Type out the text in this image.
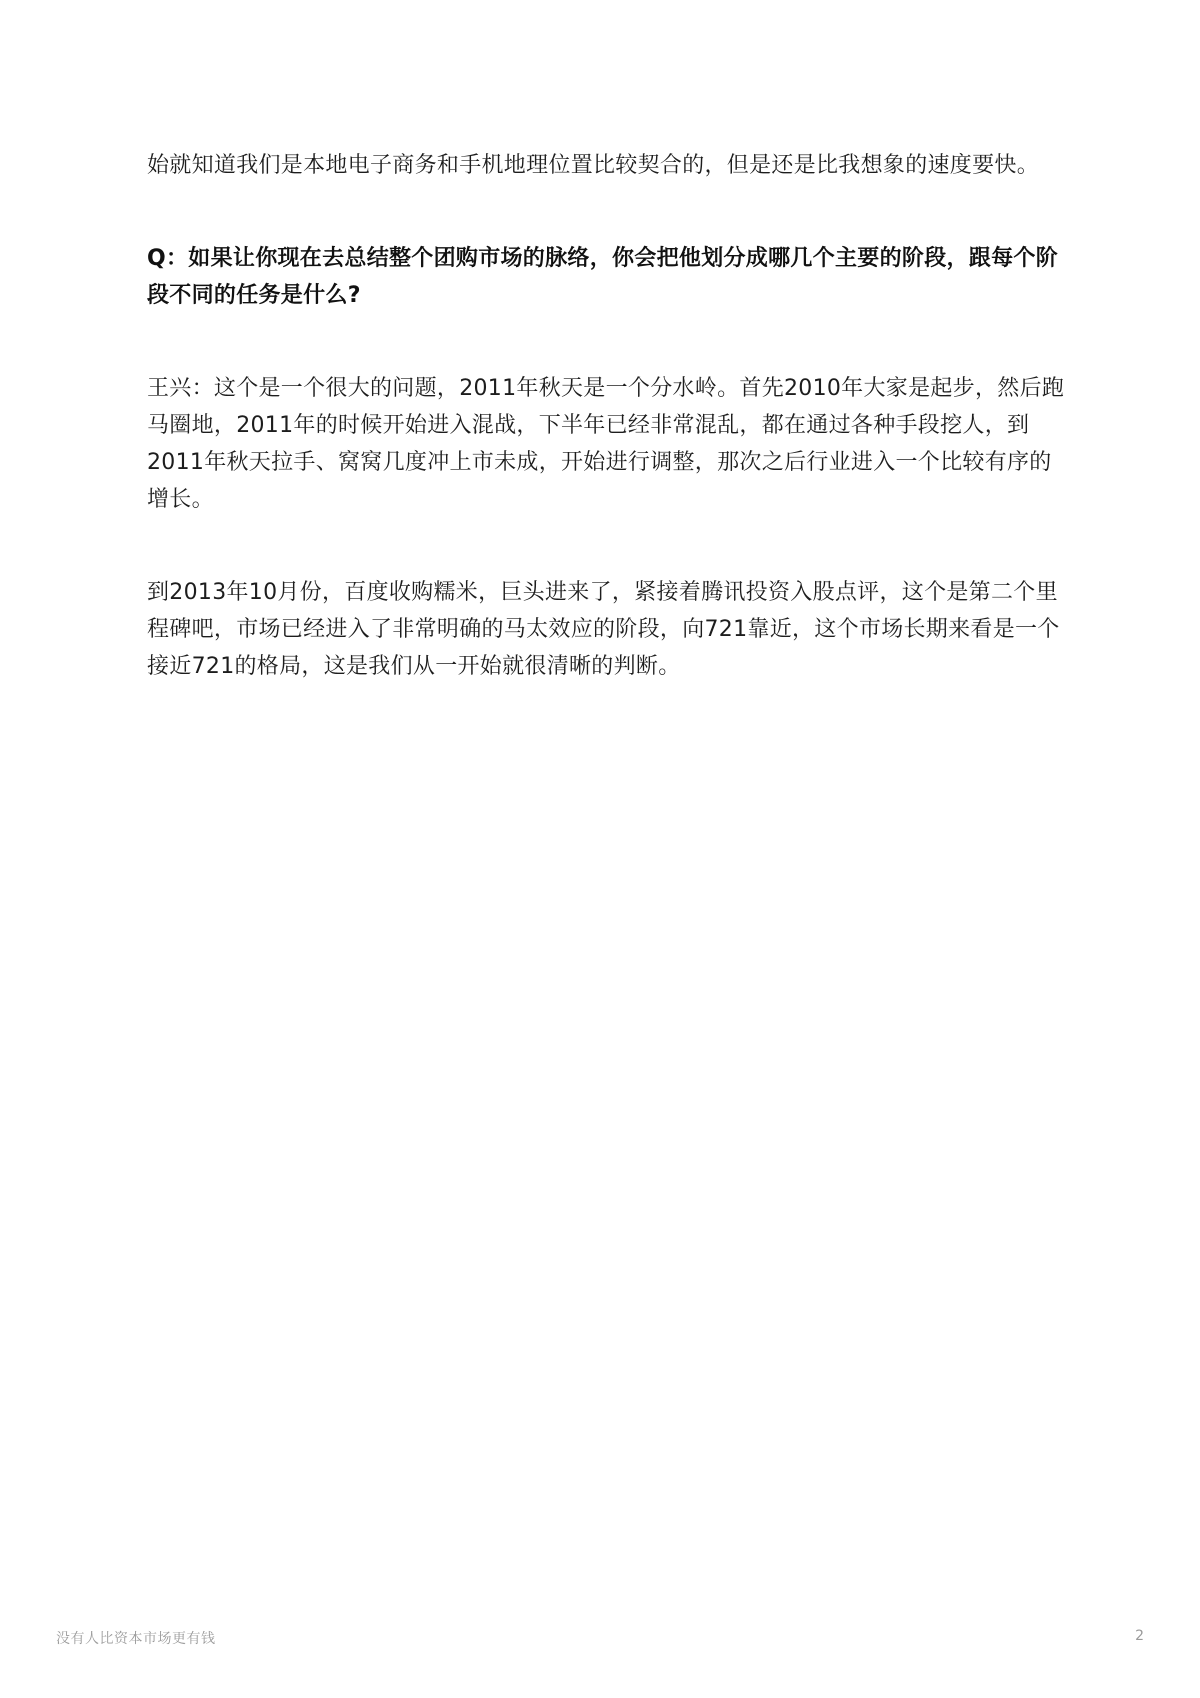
始就知道我们是本地电子商务和手机地理位置比较契合的，但是还是比我想象的速度要快。

Q：如果让你现在去总结整个团购市场的脉络，你会把他划分成哪几个主要的阶段，跟每个阶段不同的任务是什么?

王兴：这个是一个很大的问题，2011年秋天是一个分水岭。首先2010年大家是起步，然后跑马圈地，2011年的时候开始进入混战，下半年已经非常混乱，都在通过各种手段挖人，到2011年秋天拉手、窝窝几度冲上市未成，开始进行调整，那次之后行业进入一个比较有序的增长。

到2013年10月份，百度收购糯米，巨头进来了，紧接着腾讯投资入股点评，这个是第二个里程碑吧，市场已经进入了非常明确的马太效应的阶段，向721靠近，这个市场长期来看是一个接近721的格局，这是我们从一开始就很清晰的判断。

没有人比资本市场更有钱	2
